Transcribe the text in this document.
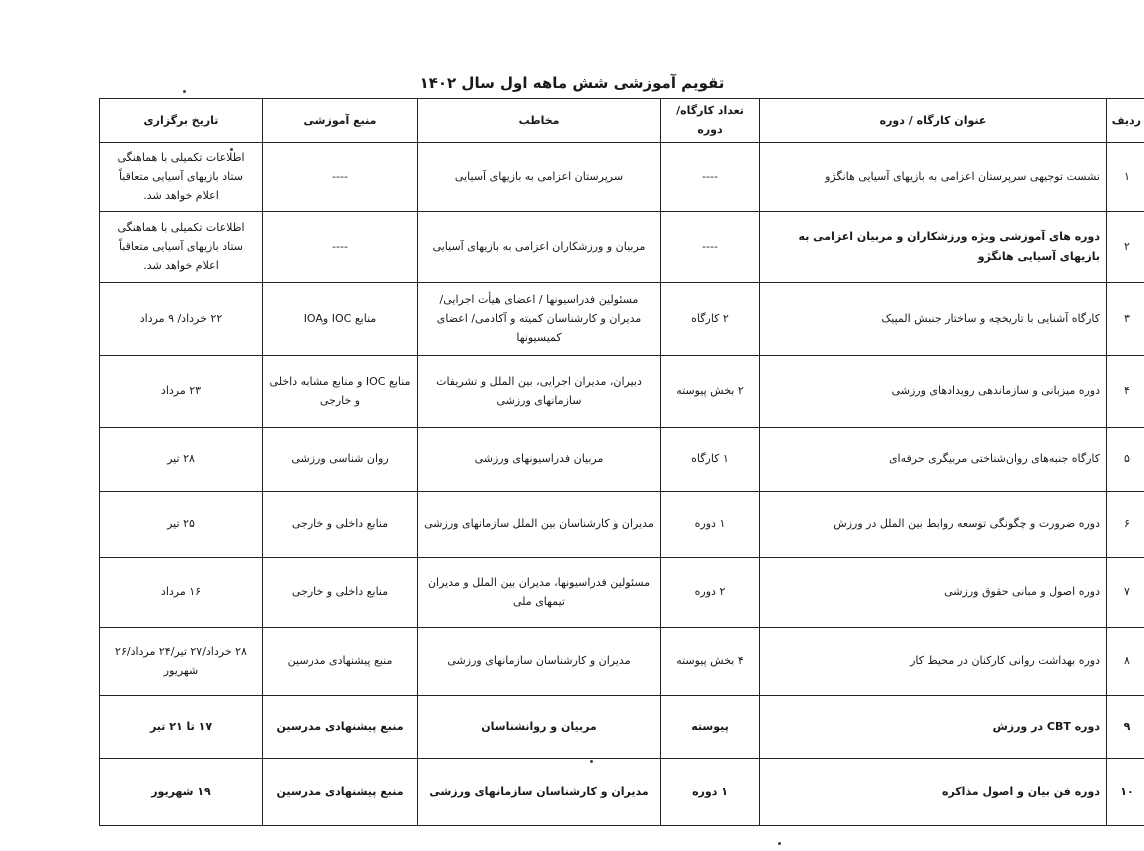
تقویم آموزشی شش ماهه اول سال ۱۴۰۲
ردیف	عنوان کارگاه / دوره	تعداد کارگاه/دوره	مخاطب	منبع آموزشی	تاریخ برگزاری
۱	نشست توجیهی سرپرستان اعزامی به بازیهای آسیایی هانگژو	----	سرپرستان اعزامی به بازیهای آسیایی	----	اطلاعات تکمیلی با هماهنگی ستاد بازیهای آسیایی متعاقباً اعلام خواهد شد.
۲	دوره های آموزشی ویژه ورزشکاران و مربیان اعزامی به بازیهای آسیایی هانگژو	----	مربیان و ورزشکاران اعزامی به بازیهای آسیایی	----	اطلاعات تکمیلی با هماهنگی ستاد بازیهای آسیایی متعاقباً اعلام خواهد شد.
۳	کارگاه آشنایی با تاریخچه و ساختار جنبش المپیک	۲ کارگاه	مسئولین فدراسیونها / اعضای هیأت اجرایی/ مدیران و کارشناسان کمیته و آکادمی/ اعضای کمیسیونها	منابع IOC وIOA	۲۲ خرداد/ ۹ مرداد
۴	دوره میزبانی و سازماندهی رویدادهای ورزشی	۲ بخش پیوسته	دبیران، مدیران اجرایی، بین الملل و تشریفات سازمانهای ورزشی	منابع IOC و منابع مشابه داخلی و خارجی	۲۳ مرداد
۵	کارگاه جنبه‌های روان‌شناختی مربیگری حرفه‌ای	۱ کارگاه	مربیان فدراسیونهای ورزشی	روان شناسی ورزشی	۲۸ تیر
۶	دوره ضرورت و چگونگی توسعه روابط بین الملل در ورزش	۱ دوره	مدیران و کارشناسان بین الملل سازمانهای ورزشی	منابع داخلی و خارجی	۲۵ تیر
۷	دوره اصول و مبانی حقوق ورزشی	۲ دوره	مسئولین فدراسیونها، مدیران بین الملل و مدیران تیمهای ملی	منابع داخلی و خارجی	۱۶ مرداد
۸	دوره بهداشت روانی کارکنان در محیط کار	۴ بخش پیوسته	مدیران و کارشناسان سازمانهای ورزشی	منبع پیشنهادی مدرسین	۲۸ خرداد/۲۷ تیر/۲۴ مرداد/۲۶ شهریور
۹	دوره CBT در ورزش	پیوسته	مربیان و روانشناسان	منبع پیشنهادی مدرسین	۱۷ تا ۲۱ تیر
۱۰	دوره فن بیان و اصول مذاکره	۱ دوره	مدیران و کارشناسان سازمانهای ورزشی	منبع پیشنهادی مدرسین	۱۹ شهریور
